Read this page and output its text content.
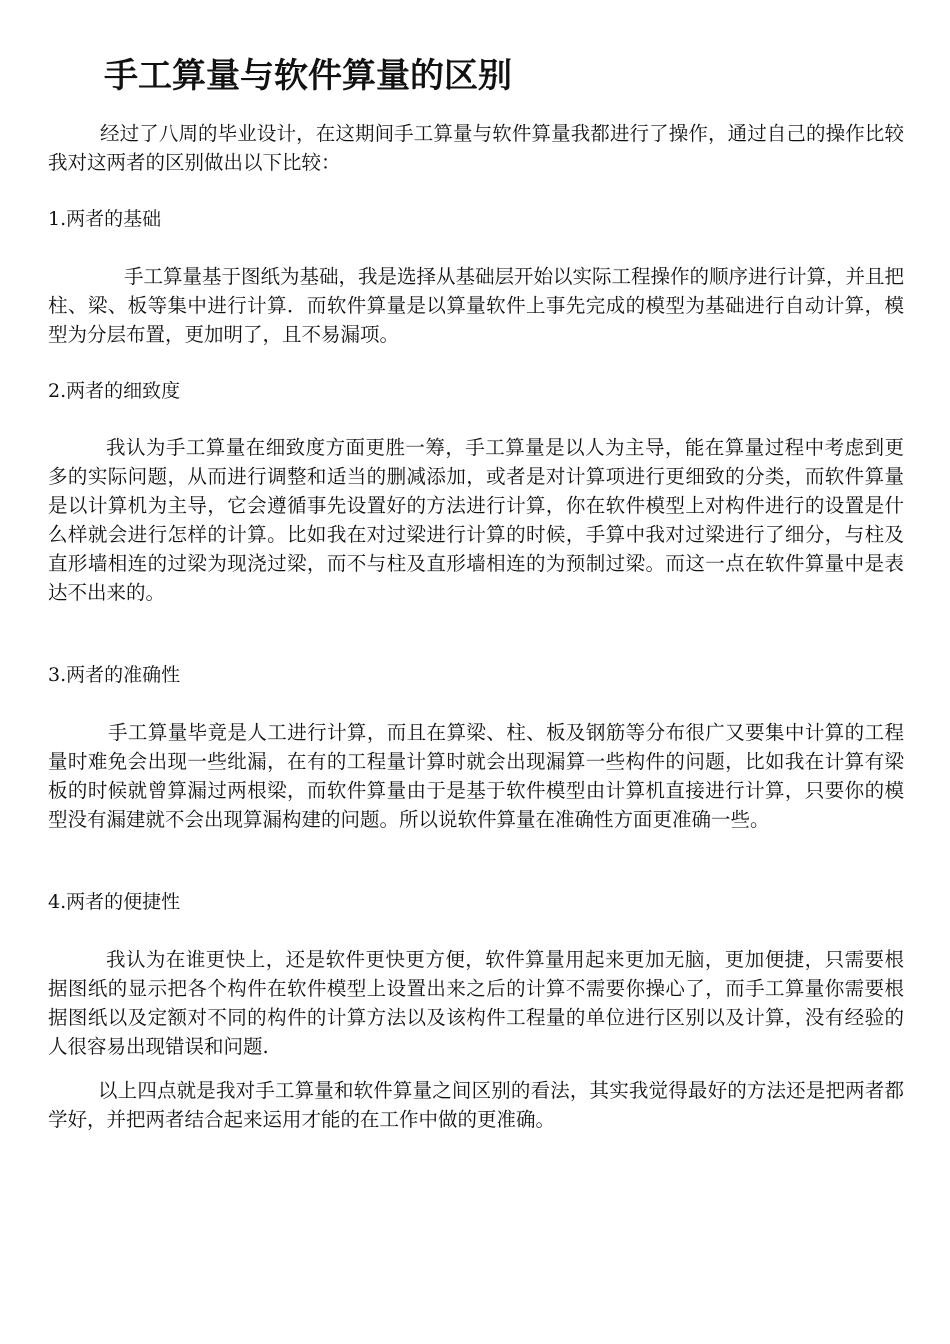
手工算量与软件算量的区别

经过了八周的毕业设计，在这期间手工算量与软件算量我都进行了操作，通过自己的操作比较我对这两者的区别做出以下比较：

1.两者的基础

手工算量基于图纸为基础，我是选择从基础层开始以实际工程操作的顺序进行计算，并且把柱、梁、板等集中进行计算．而软件算量是以算量软件上事先完成的模型为基础进行自动计算，模型为分层布置，更加明了，且不易漏项。

2.两者的细致度

我认为手工算量在细致度方面更胜一筹，手工算量是以人为主导，能在算量过程中考虑到更多的实际问题，从而进行调整和适当的删减添加，或者是对计算项进行更细致的分类，而软件算量是以计算机为主导，它会遵循事先设置好的方法进行计算，你在软件模型上对构件进行的设置是什么样就会进行怎样的计算。比如我在对过梁进行计算的时候，手算中我对过梁进行了细分，与柱及直形墙相连的过梁为现浇过梁，而不与柱及直形墙相连的为预制过梁。而这一点在软件算量中是表达不出来的。

3.两者的准确性

手工算量毕竟是人工进行计算，而且在算梁、柱、板及钢筋等分布很广又要集中计算的工程量时难免会出现一些纰漏，在有的工程量计算时就会出现漏算一些构件的问题，比如我在计算有梁板的时候就曾算漏过两根梁，而软件算量由于是基于软件模型由计算机直接进行计算，只要你的模型没有漏建就不会出现算漏构建的问题。所以说软件算量在准确性方面更准确一些。

4.两者的便捷性

我认为在谁更快上，还是软件更快更方便，软件算量用起来更加无脑，更加便捷，只需要根据图纸的显示把各个构件在软件模型上设置出来之后的计算不需要你操心了，而手工算量你需要根据图纸以及定额对不同的构件的计算方法以及该构件工程量的单位进行区别以及计算，没有经验的人很容易出现错误和问题.

以上四点就是我对手工算量和软件算量之间区别的看法，其实我觉得最好的方法还是把两者都学好，并把两者结合起来运用才能的在工作中做的更准确。
